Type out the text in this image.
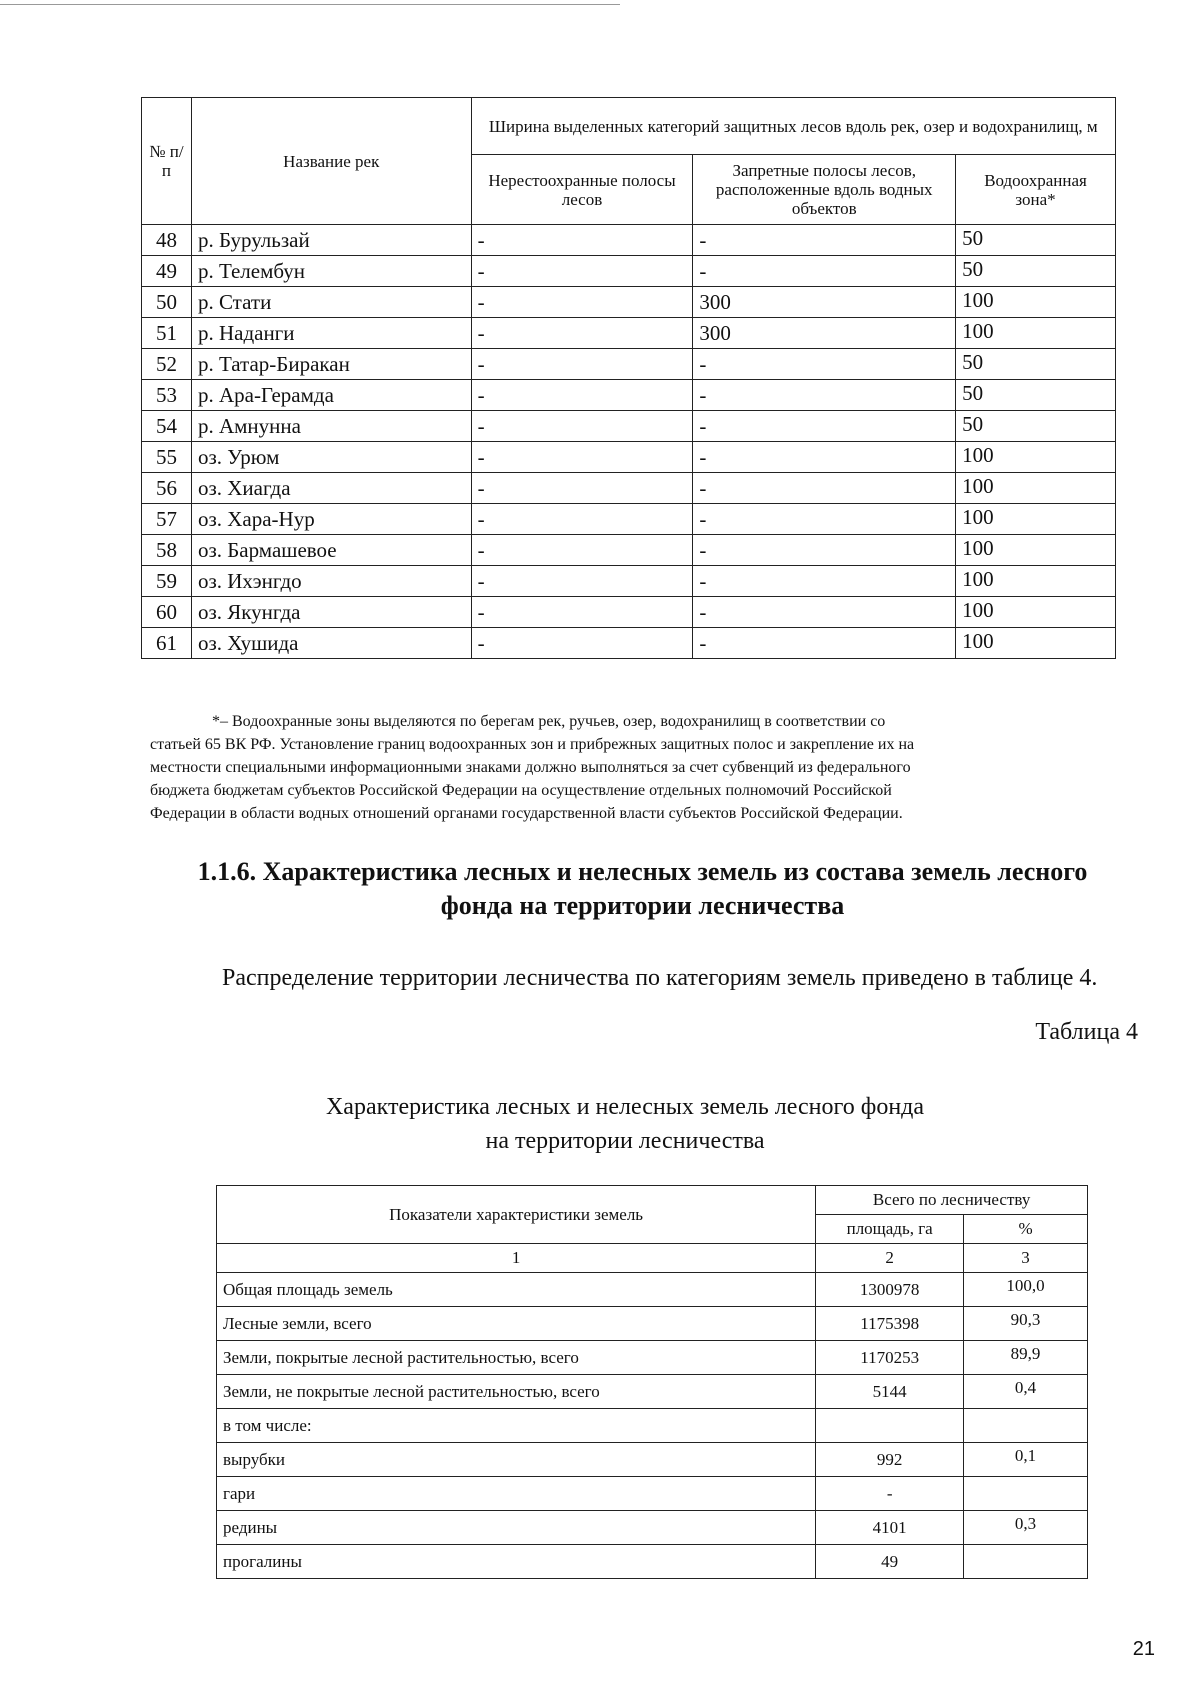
№ п/п	Название рек	Ширина выделенных категорий защитных лесов вдоль рек, озер и водохранилищ, м		
		Нерестоохранные полосы лесов	Запретные полосы лесов, расположенные вдоль водных объектов	Водоохранная зона*
48	р. Бурульзай	-	-	50
49	р. Телембун	-	-	50
50	р. Стати	-	300	100
51	р. Наданги	-	300	100
52	р. Татар-Биракан	-	-	50
53	р. Ара-Герамда	-	-	50
54	р. Амнунна	-	-	50
55	оз. Урюм	-	-	100
56	оз. Хиагда	-	-	100
57	оз. Хара-Нур	-	-	100
58	оз. Бармашевое	-	-	100
59	оз. Ихэнгдо	-	-	100
60	оз. Якунгда	-	-	100
61	оз. Хушида	-	-	100
*– Водоохранные зоны выделяются по берегам рек, ручьев, озер, водохранилищ в соответствии со
статьей 65 ВК РФ. Установление границ водоохранных зон и прибрежных защитных полос и закрепление их на
местности специальными информационными знаками должно выполняться за счет субвенций из федерального
бюджета бюджетам субъектов Российской Федерации на осуществление отдельных полномочий Российской
Федерации в области водных отношений органами государственной власти субъектов Российской Федерации.
1.1.6. Характеристика лесных и нелесных земель из состава земель лесного
фонда на территории лесничества
Распределение территории лесничества по категориям земель приведено в таблице 4.
Таблица 4
Характеристика лесных и нелесных земель лесного фонда
на территории лесничества
Показатели характеристики земель	Всего по лесничеству	
	площадь, га	%
1	2	3
Общая площадь земель	1300978	100,0
Лесные земли, всего	1175398	90,3
Земли, покрытые лесной растительностью, всего	1170253	89,9
Земли, не покрытые лесной растительностью, всего	5144	0,4
в том числе:		
вырубки	992	0,1
гари	-	
редины	4101	0,3
прогалины	49	
21
